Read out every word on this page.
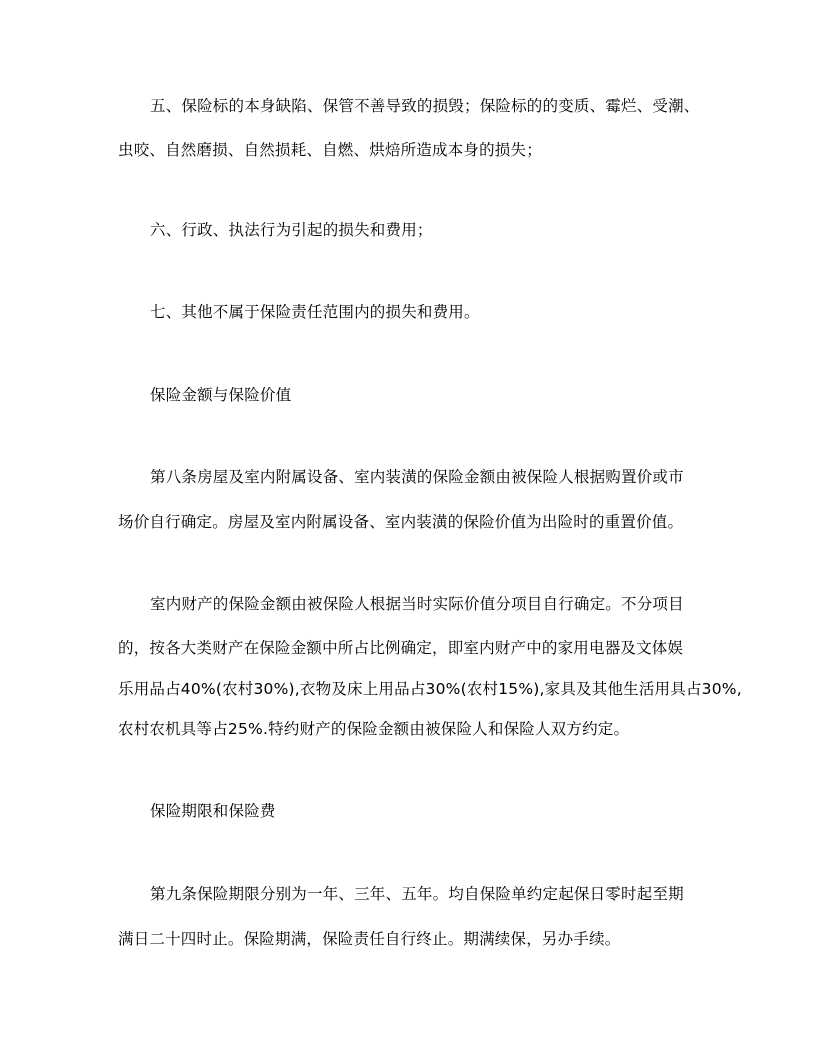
五、保险标的本身缺陷、保管不善导致的损毁；保险标的的变质、霉烂、受潮、
虫咬、自然磨损、自然损耗、自燃、烘焙所造成本身的损失；
六、行政、执法行为引起的损失和费用；
七、其他不属于保险责任范围内的损失和费用。
保险金额与保险价值
第八条房屋及室内附属设备、室内装潢的保险金额由被保险人根据购置价或市
场价自行确定。房屋及室内附属设备、室内装潢的保险价值为出险时的重置价值。
室内财产的保险金额由被保险人根据当时实际价值分项目自行确定。不分项目
的，按各大类财产在保险金额中所占比例确定，即室内财产中的家用电器及文体娱
乐用品占40%(农村30%),衣物及床上用品占30%(农村15%),家具及其他生活用具占30%,
农村农机具等占25%.特约财产的保险金额由被保险人和保险人双方约定。
保险期限和保险费
第九条保险期限分别为一年、三年、五年。均自保险单约定起保日零时起至期
满日二十四时止。保险期满，保险责任自行终止。期满续保，另办手续。
